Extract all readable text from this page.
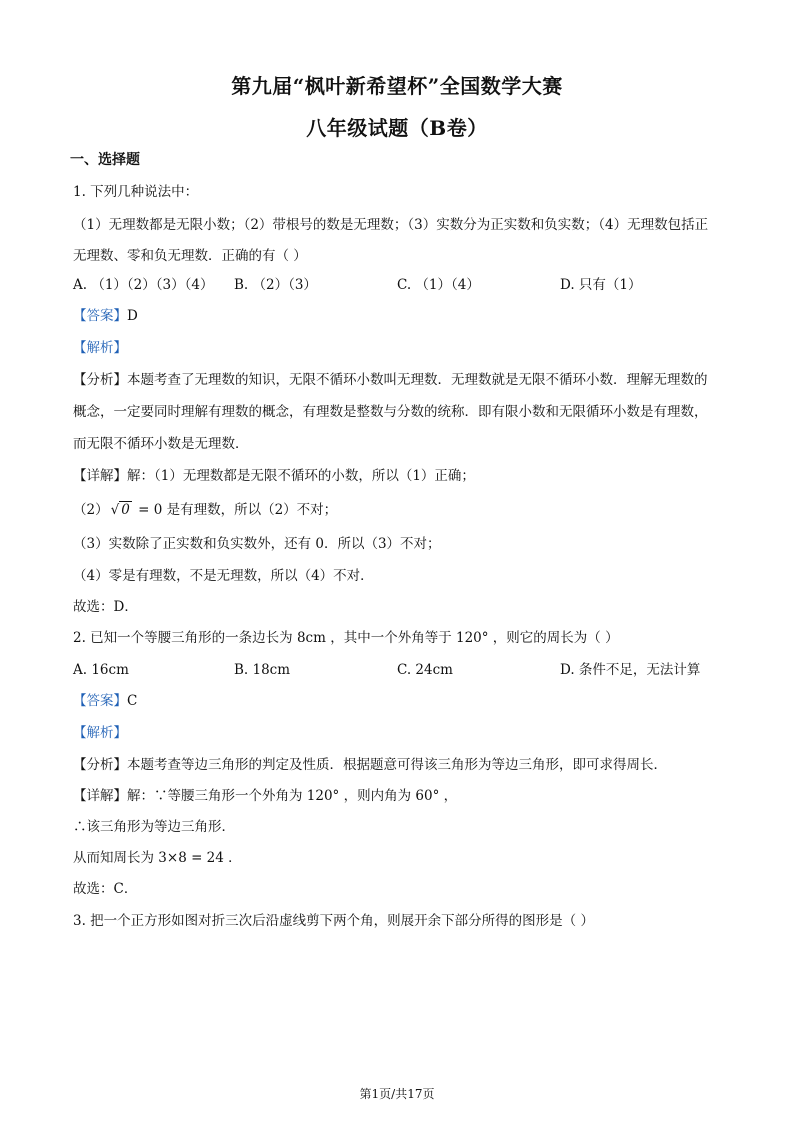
第九届“枫叶新希望杯”全国数学大赛
八年级试题（B卷）
一、选择题
1. 下列几种说法中：
（1）无理数都是无限小数；（2）带根号的数是无理数；（3）实数分为正实数和负实数；（4）无理数包括正
无理数、零和负无理数．正确的有（ ）
A. （1）（2）（3）（4） B. （2）（3）	C. （1）（4）	D. 只有（1）
【答案】D
【解析】
【分析】本题考查了无理数的知识，无限不循环小数叫无理数．无理数就是无限不循环小数．理解无理数的
概念，一定要同时理解有理数的概念，有理数是整数与分数的统称．即有限小数和无限循环小数是有理数，
而无限不循环小数是无理数．
【详解】解：（1）无理数都是无限不循环的小数，所以（1）正确；
（2） √ 0 = 0 是有理数，所以（2）不对；
（3）实数除了正实数和负实数外，还有 0．所以（3）不对；
（4）零是有理数，不是无理数，所以（4）不对．
故选：D．
2. 已知一个等腰三角形的一条边长为 8cm ，其中一个外角等于 120° ，则它的周长为（ ）
A. 16cm	B. 18cm	C. 24cm	D. 条件不足，无法计算
【答案】C
【解析】
【分析】本题考查等边三角形的判定及性质．根据题意可得该三角形为等边三角形，即可求得周长．
【详解】解：∵等腰三角形一个外角为 120° ，则内角为 60° ，
∴该三角形为等边三角形．
从而知周长为 3×8 = 24 ．
故选：C．
3. 把一个正方形如图对折三次后沿虚线剪下两个角，则展开余下部分所得的图形是（ ）
第1页/共17页
